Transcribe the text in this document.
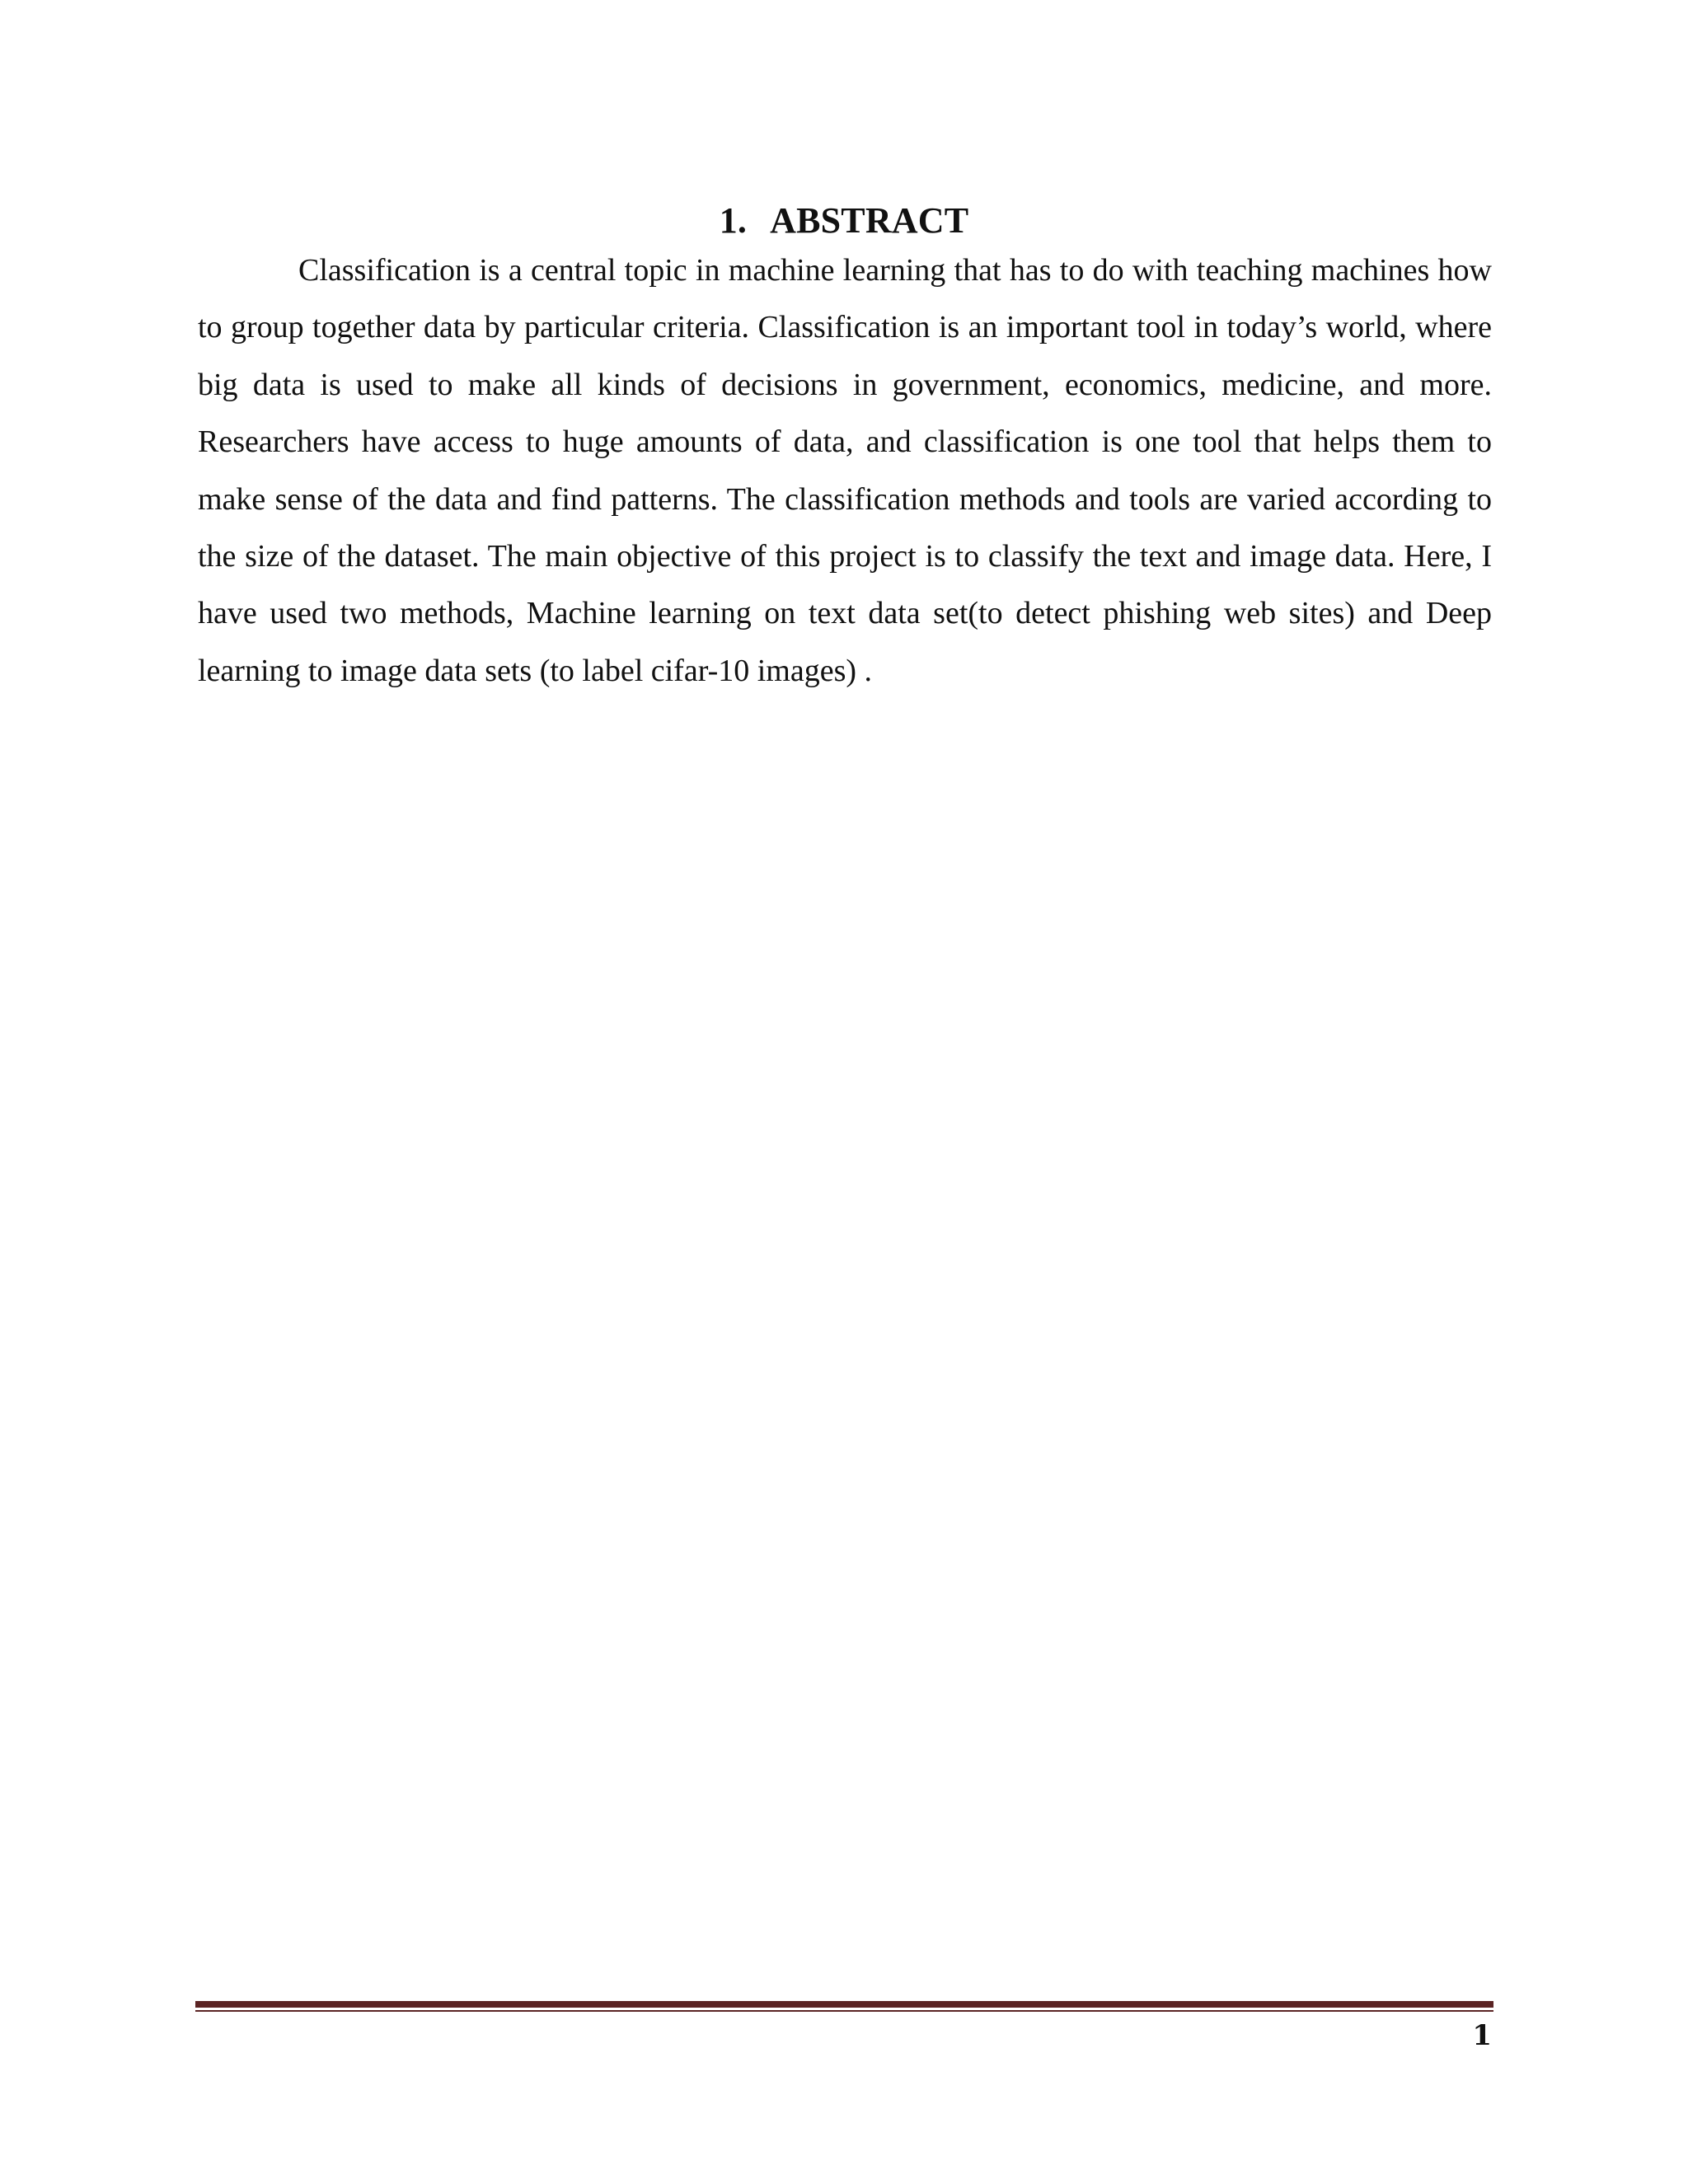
1. ABSTRACT

Classification is a central topic in machine learning that has to do with teaching machines how to group together data by particular criteria. Classification is an important tool in today’s world, where big data is used to make all kinds of decisions in government, economics, medicine, and more. Researchers have access to huge amounts of data, and classification is one tool that helps them to make sense of the data and find patterns. The classification methods and tools are varied according to the size of the dataset. The main objective of this project is to classify the text and image data. Here, I have used two methods, Machine learning on text data set(to detect phishing web sites) and Deep learning to image data sets (to label cifar-10 images) .

1
